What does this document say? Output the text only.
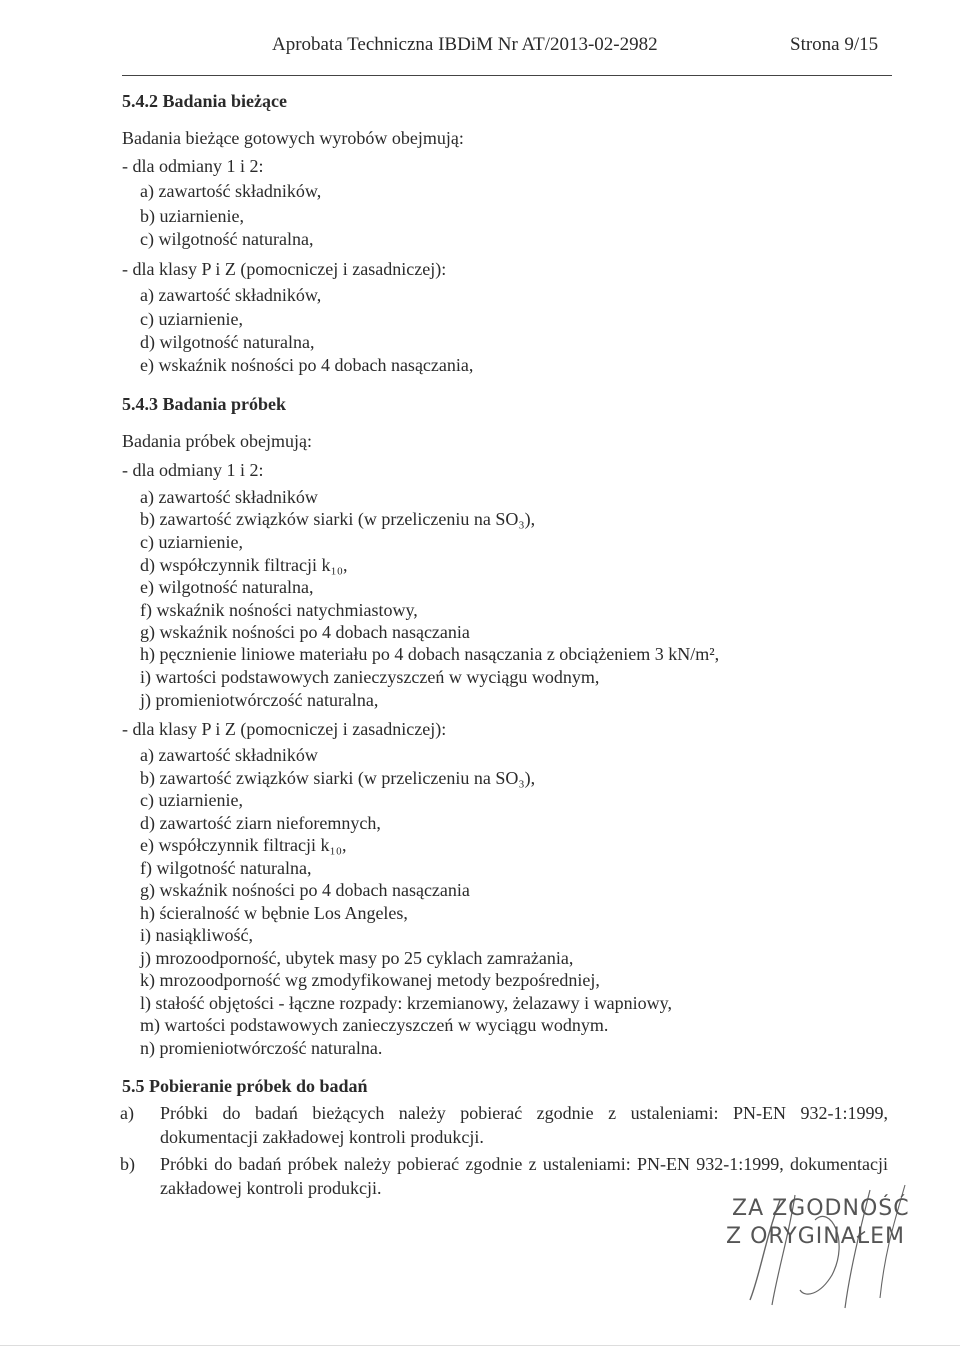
Aprobata Techniczna IBDiM Nr AT/2013-02-2982	Strona 9/15
5.4.2 Badania bieżące
Badania bieżące gotowych wyrobów obejmują:
- dla odmiany 1 i 2:
a) zawartość składników,
b) uziarnienie,
c) wilgotność naturalna,
- dla klasy P i Z (pomocniczej i zasadniczej):
a) zawartość składników,
c) uziarnienie,
d) wilgotność naturalna,
e) wskaźnik nośności po 4 dobach nasączania,
5.4.3 Badania próbek
Badania próbek obejmują:
- dla odmiany 1 i 2:
a) zawartość składników
b) zawartość związków siarki (w przeliczeniu na SO₃),
c) uziarnienie,
d) współczynnik filtracji k₁₀,
e) wilgotność naturalna,
f) wskaźnik nośności natychmiastowy,
g) wskaźnik nośności po 4 dobach nasączania
h) pęcznienie liniowe materiału po 4 dobach nasączania z obciążeniem 3 kN/m²,
i) wartości podstawowych zanieczyszczeń w wyciągu wodnym,
j) promieniotwórczość naturalna,
- dla klasy P i Z (pomocniczej i zasadniczej):
a) zawartość składników
b) zawartość związków siarki (w przeliczeniu na SO₃),
c) uziarnienie,
d) zawartość ziarn nieforemnych,
e) współczynnik filtracji k₁₀,
f) wilgotność naturalna,
g) wskaźnik nośności po 4 dobach nasączania
h) ścieralność w bębnie Los Angeles,
i) nasiąkliwość,
j) mrozoodporność, ubytek masy po 25 cyklach zamrażania,
k) mrozoodporność wg zmodyfikowanej metody bezpośredniej,
l) stałość objętości - łączne rozpady: krzemianowy, żelazawy i wapniowy,
m) wartości podstawowych zanieczyszczeń w wyciągu wodnym.
n) promieniotwórczość naturalna.
5.5 Pobieranie próbek do badań
a) Próbki do badań bieżących należy pobierać zgodnie z ustaleniami: PN-EN 932-1:1999, dokumentacji zakładowej kontroli produkcji.
b) Próbki do badań próbek należy pobierać zgodnie z ustaleniami: PN-EN 932-1:1999, dokumentacji zakładowej kontroli produkcji.
ZA ZGODNOŚĆ
Z ORYGINAŁEM
